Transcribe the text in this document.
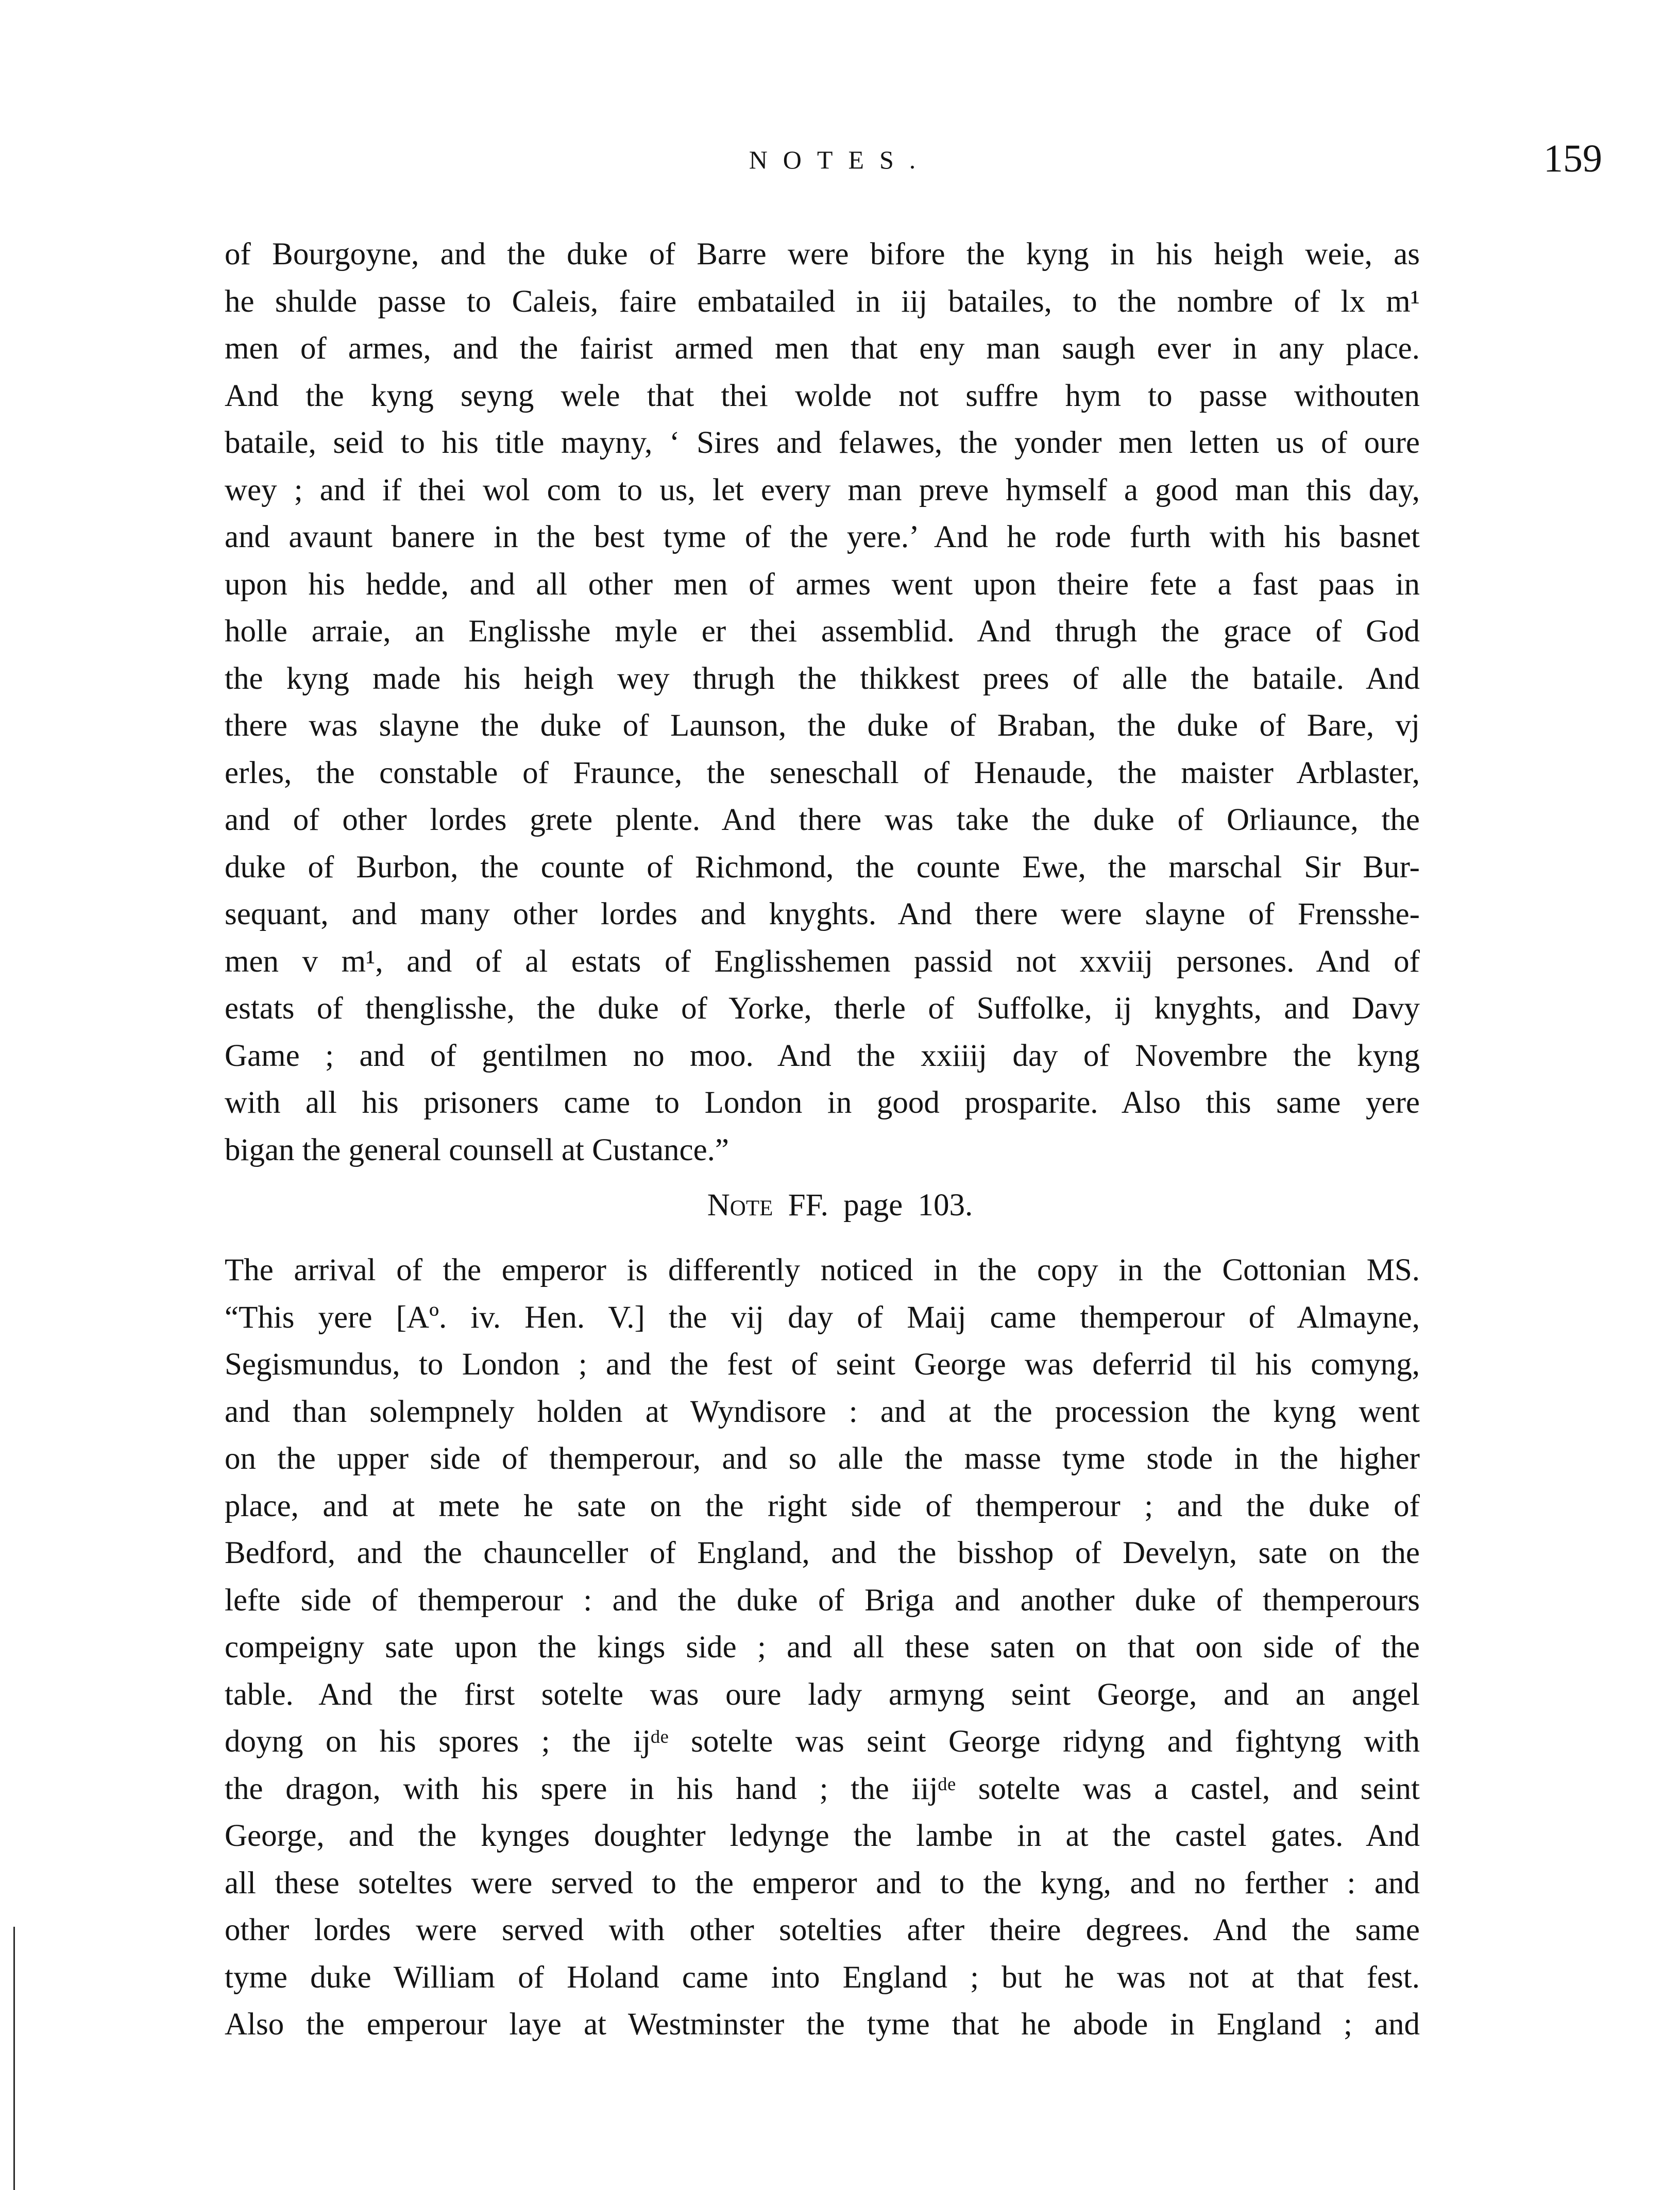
NOTES.	159
of Bourgoyne, and the duke of Barre were bifore the kyng in his heigh weie, as
he shulde passe to Caleis, faire embatailed in iij batailes, to the nombre of lx m¹
men of armes, and the fairist armed men that eny man saugh ever in any place.
And the kyng seyng wele that thei wolde not suffre hym to passe withouten
bataile, seid to his title mayny, ‘ Sires and felawes, the yonder men letten us of oure
wey ; and if thei wol com to us, let every man preve hymself a good man this day,
and avaunt banere in the best tyme of the yere.’ And he rode furth with his basnet
upon his hedde, and all other men of armes went upon theire fete a fast paas in
holle arraie, an Englisshe myle er thei assemblid. And thrugh the grace of God
the kyng made his heigh wey thrugh the thikkest prees of alle the bataile. And
there was slayne the duke of Launson, the duke of Braban, the duke of Bare, vj
erles, the constable of Fraunce, the seneschall of Henaude, the maister Arblaster,
and of other lordes grete plente. And there was take the duke of Orliaunce, the
duke of Burbon, the counte of Richmond, the counte Ewe, the marschal Sir Bur-
sequant, and many other lordes and knyghts. And there were slayne of Frensshe-
men v m¹, and of al estats of Englisshemen passid not xxviij persones. And of
estats of thenglisshe, the duke of Yorke, therle of Suffolke, ij knyghts, and Davy
Game ; and of gentilmen no moo. And the xxiiij day of Novembre the kyng
with all his prisoners came to London in good prosparite. Also this same yere
bigan the general counsell at Custance.”
Note FF. page 103.
The arrival of the emperor is differently noticed in the copy in the Cottonian MS.
“This yere [Aº. iv. Hen. V.] the vij day of Maij came themperour of Almayne,
Segismundus, to London ; and the fest of seint George was deferrid til his comyng,
and than solempnely holden at Wyndisore : and at the procession the kyng went
on the upper side of themperour, and so alle the masse tyme stode in the higher
place, and at mete he sate on the right side of themperour ; and the duke of
Bedford, and the chaunceller of England, and the bisshop of Develyn, sate on the
lefte side of themperour : and the duke of Briga and another duke of themperours
compeigny sate upon the kings side ; and all these saten on that oon side of the
table. And the first sotelte was oure lady armyng seint George, and an angel
doyng on his spores ; the ijᵈᵉ sotelte was seint George ridyng and fightyng with
the dragon, with his spere in his hand ; the iijᵈᵉ sotelte was a castel, and seint
George, and the kynges doughter ledynge the lambe in at the castel gates. And
all these soteltes were served to the emperor and to the kyng, and no ferther : and
other lordes were served with other sotelties after theire degrees. And the same
tyme duke William of Holand came into England ; but he was not at that fest.
Also the emperour laye at Westminster the tyme that he abode in England ; and
